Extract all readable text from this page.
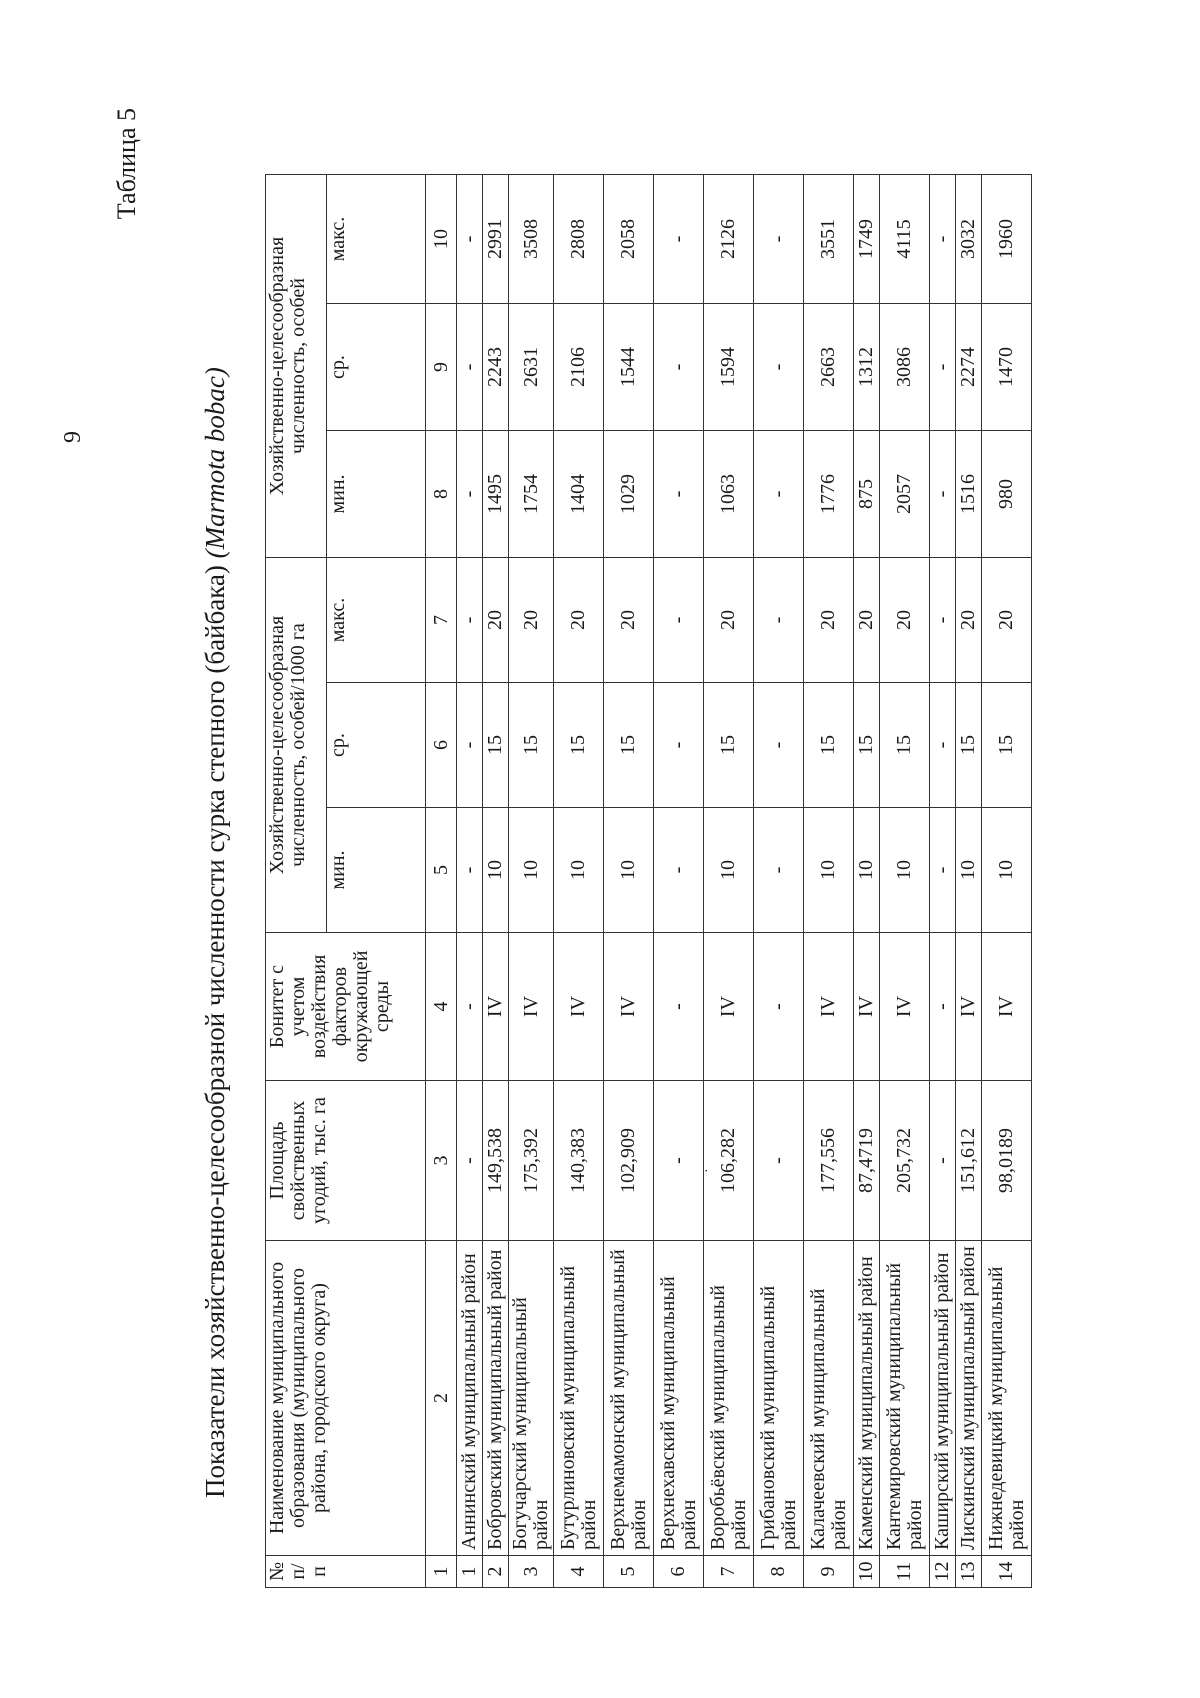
9
Таблица 5
Показатели хозяйственно-целесообразной численности сурка степного (байбака) (Marmota bobac)
№ п/п	Наименование муниципального образования (муниципального района, городского округа)	Площадь свойственных угодий, тыс. га	Бонитет с учетом воздействия факторов окружающей среды	Хозяйственно-целесообразная численность, особей/1000 га			Хозяйственно-целесообразная численность, особей		
				мин.	ср.	макс.	мин.	ср.	макс.
1	2	3	4	5	6	7	8	9	10
1	Аннинский муниципальный район	-	-	-	-	-	-	-	-
2	Бобровский муниципальный район	149,538	IV	10	15	20	1495	2243	2991
3	Богучарский муниципальный район	175,392	IV	10	15	20	1754	2631	3508
4	Бутурлиновский муниципальный район	140,383	IV	10	15	20	1404	2106	2808
5	Верхнемамонский муниципальный район	102,909	IV	10	15	20	1029	1544	2058
6	Верхнехавский муниципальный район	-	-	-	-	-	-	-	-
7	Воробьёвский муниципальный район	106,282	IV	10	15	20	1063	1594	2126
8	Грибановский муниципальный район	-	-	-	-	-	-	-	-
9	Калачеевский муниципальный район	177,556	IV	10	15	20	1776	2663	3551
10	Каменский муниципальный район	87,4719	IV	10	15	20	875	1312	1749
11	Кантемировский муниципальный район	205,732	IV	10	15	20	2057	3086	4115
12	Каширский муниципальный район	-	-	-	-	-	-	-	-
13	Лискинский муниципальный район	151,612	IV	10	15	20	1516	2274	3032
14	Нижнедевицкий муниципальный район	98,0189	IV	10	15	20	980	1470	1960
·
